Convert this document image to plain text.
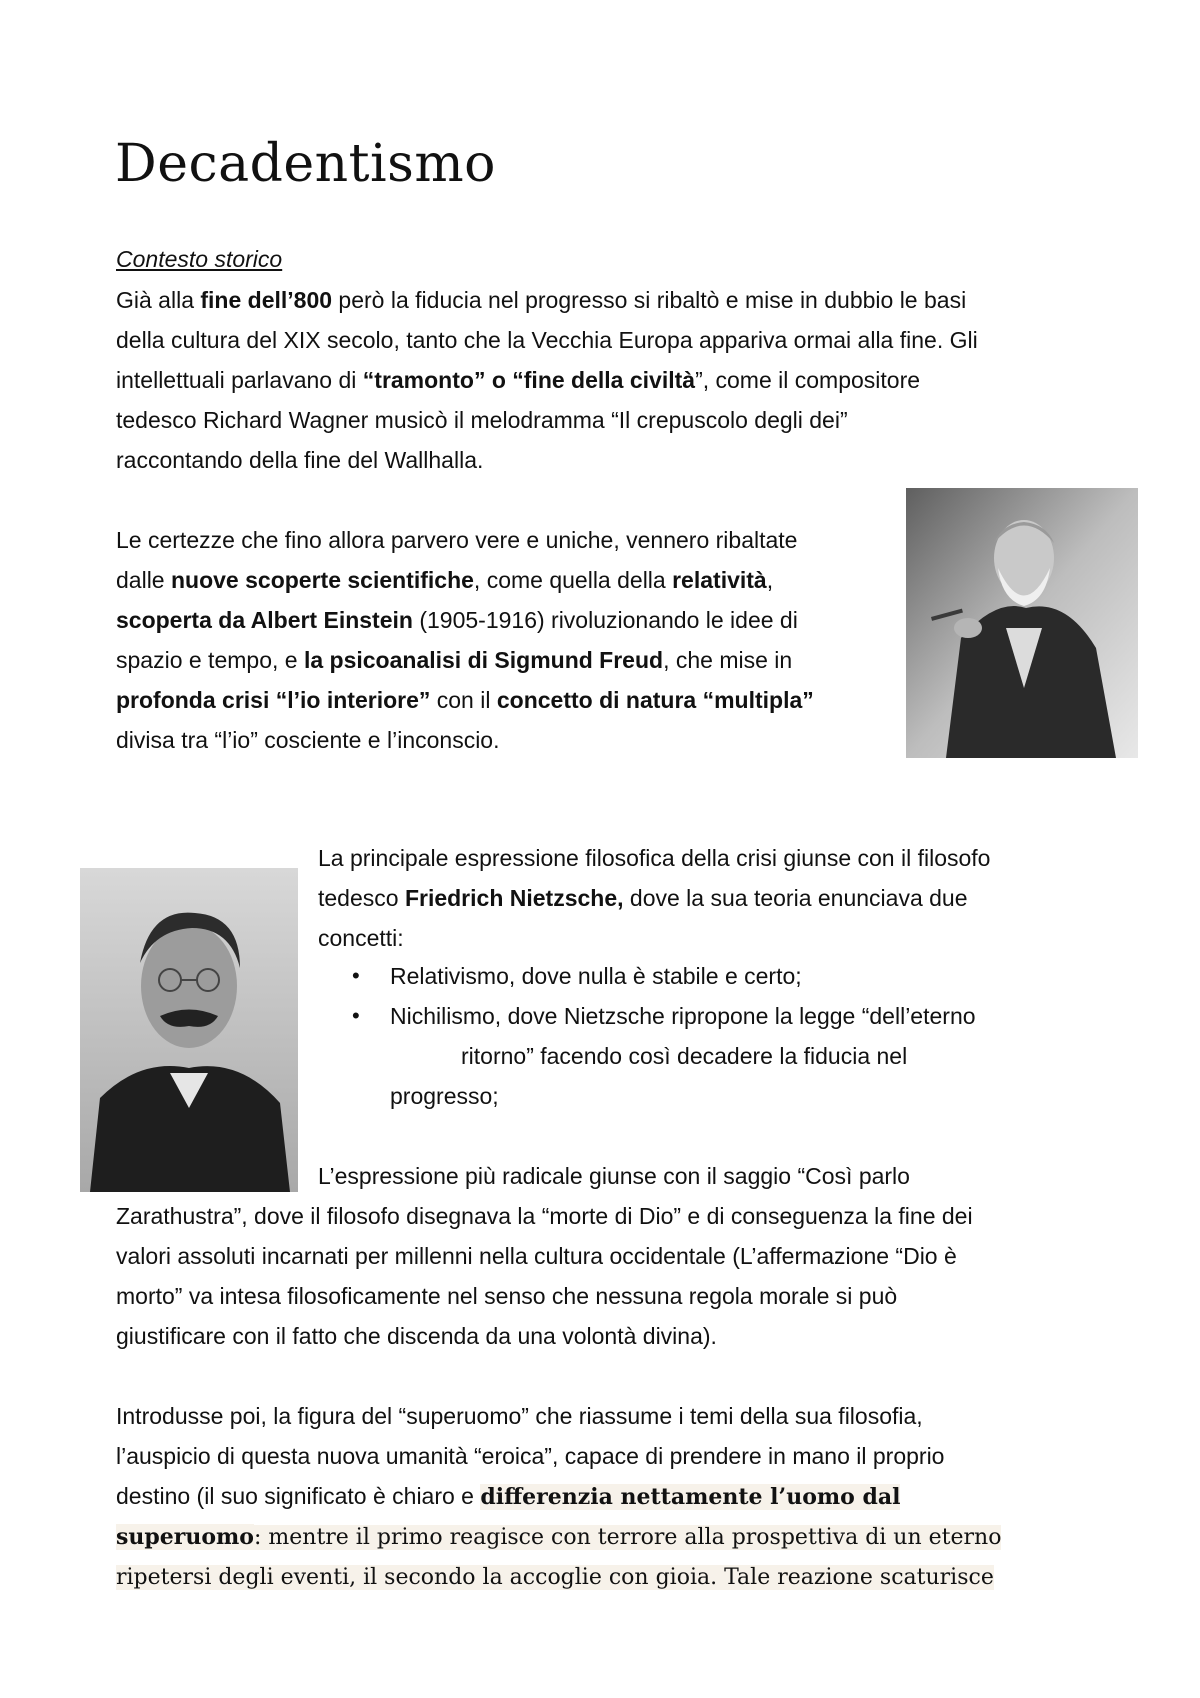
Decadentismo
Contesto storico
Già alla fine dell’800 però la fiducia nel progresso si ribaltò e mise in dubbio le basi
della cultura del XIX secolo, tanto che la Vecchia Europa appariva ormai alla fine. Gli
intellettuali parlavano di “tramonto” o “fine della civiltà”, come il compositore
tedesco Richard Wagner musicò il melodramma “Il crepuscolo degli dei”
raccontando della fine del Wallhalla.
Le certezze che fino allora parvero vere e uniche, vennero ribaltate
dalle nuove scoperte scientifiche, come quella della relatività,
scoperta da Albert Einstein (1905-1916) rivoluzionando le idee di
spazio e tempo, e la psicoanalisi di Sigmund Freud, che mise in
profonda crisi “l’io interiore” con il concetto di natura “multipla”
divisa tra “l’io” cosciente e l’inconscio.
La principale espressione filosofica della crisi giunse con il filosofo
tedesco Friedrich Nietzsche, dove la sua teoria enunciava due
concetti:
• Relativismo, dove nulla è stabile e certo;
• Nichilismo, dove Nietzsche ripropone la legge “dell’eterno
ritorno” facendo così decadere la fiducia nel
progresso;
L’espressione più radicale giunse con il saggio “Così parlo
Zarathustra”, dove il filosofo disegnava la “morte di Dio” e di conseguenza la fine dei
valori assoluti incarnati per millenni nella cultura occidentale (L’affermazione “Dio è
morto” va intesa filosoficamente nel senso che nessuna regola morale si può
giustificare con il fatto che discenda da una volontà divina).
Introdusse poi, la figura del “superuomo” che riassume i temi della sua filosofia,
l’auspicio di questa nuova umanità “eroica”, capace di prendere in mano il proprio
destino (il suo significato è chiaro e differenzia nettamente l’uomo dal
superuomo: mentre il primo reagisce con terrore alla prospettiva di un eterno
ripetersi degli eventi, il secondo la accoglie con gioia. Tale reazione scaturisce
